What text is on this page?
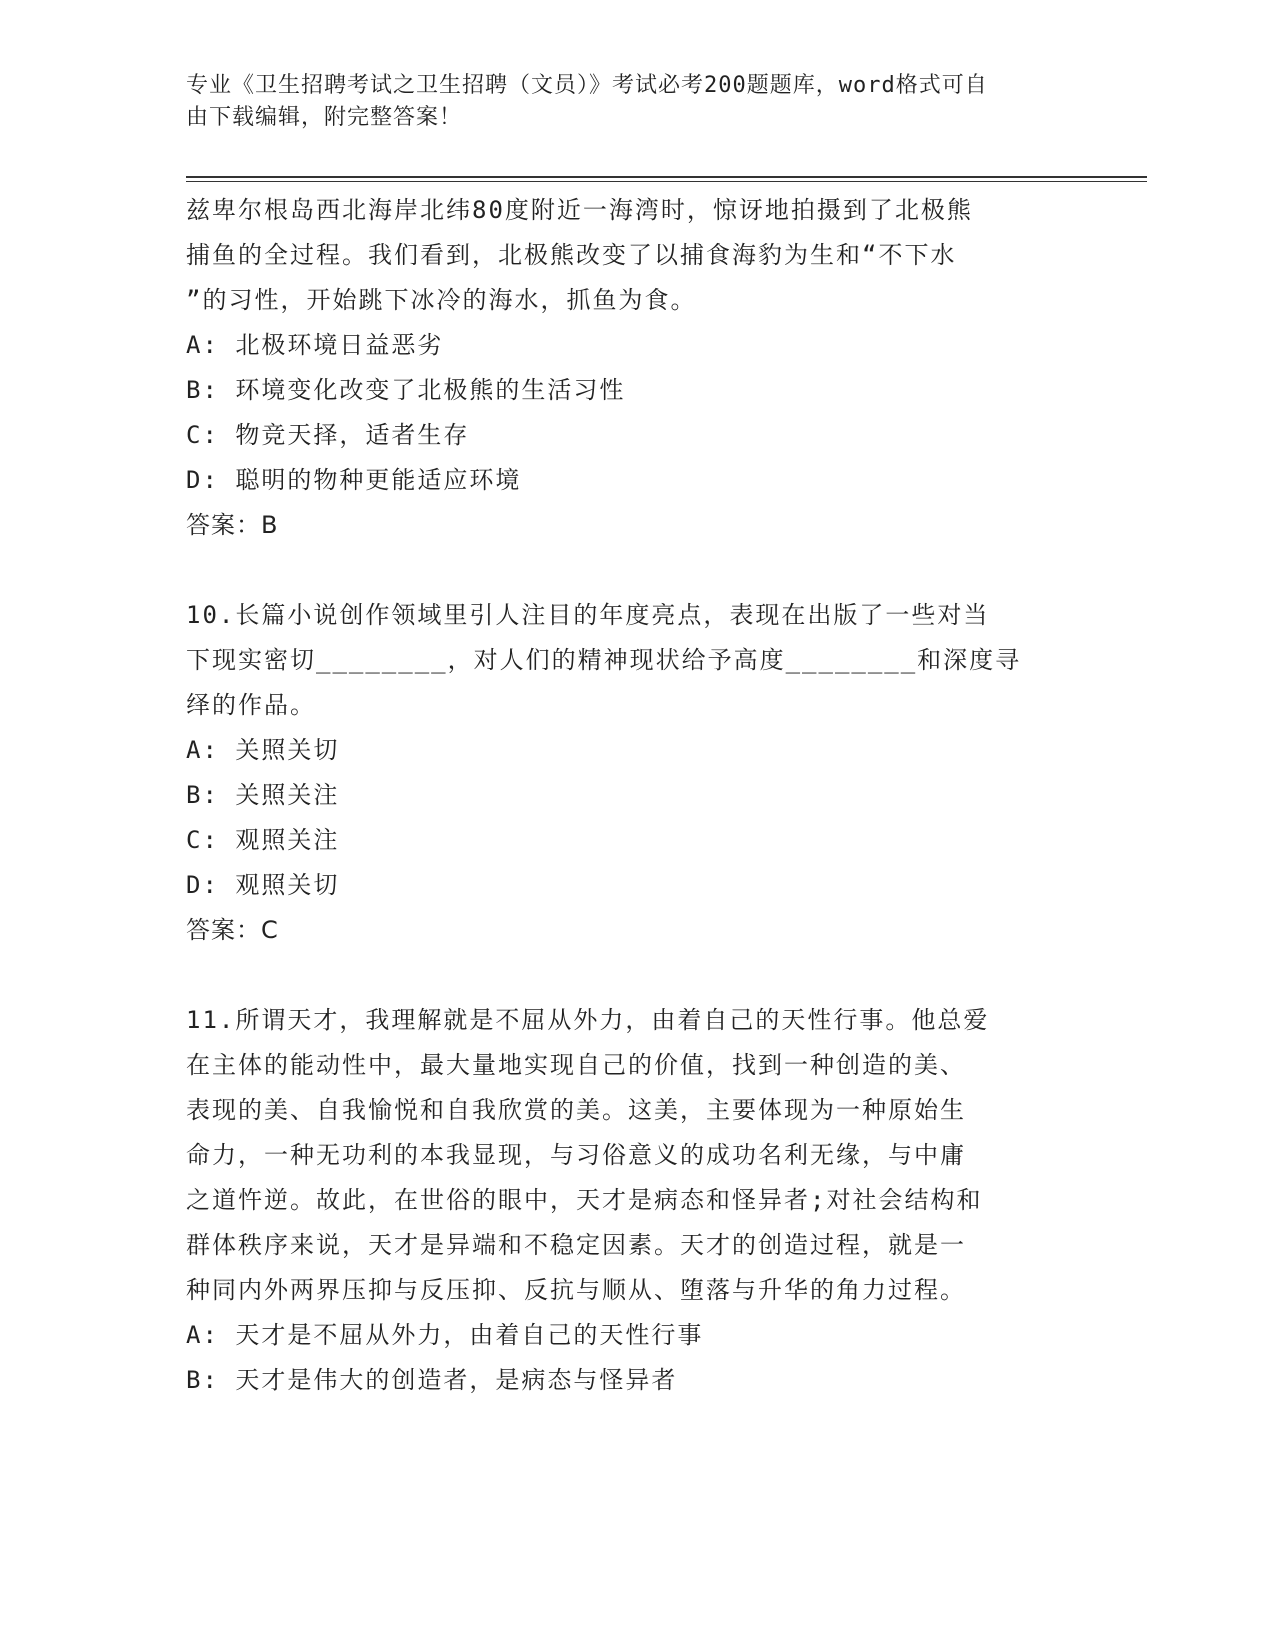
专业《卫生招聘考试之卫生招聘（文员）》考试必考200题题库，word格式可自
由下载编辑，附完整答案！

兹卑尔根岛西北海岸北纬80度附近一海湾时，惊讶地拍摄到了北极熊

捕鱼的全过程。我们看到，北极熊改变了以捕食海豹为生和“不下水

”的习性，开始跳下冰冷的海水，抓鱼为食。

A: 北极环境日益恶劣

B: 环境变化改变了北极熊的生活习性

C: 物竞天择，适者生存

D: 聪明的物种更能适应环境

答案：B

10.长篇小说创作领域里引人注目的年度亮点，表现在出版了一些对当

下现实密切________，对人们的精神现状给予高度________和深度寻

绎的作品。

A: 关照关切

B: 关照关注

C: 观照关注

D: 观照关切

答案：C

11.所谓天才，我理解就是不屈从外力，由着自己的天性行事。他总爱

在主体的能动性中，最大量地实现自己的价值，找到一种创造的美、

表现的美、自我愉悦和自我欣赏的美。这美，主要体现为一种原始生

命力，一种无功利的本我显现，与习俗意义的成功名利无缘，与中庸

之道忤逆。故此，在世俗的眼中，天才是病态和怪异者;对社会结构和

群体秩序来说，天才是异端和不稳定因素。天才的创造过程，就是一

种同内外两界压抑与反压抑、反抗与顺从、堕落与升华的角力过程。

A: 天才是不屈从外力，由着自己的天性行事

B: 天才是伟大的创造者，是病态与怪异者
